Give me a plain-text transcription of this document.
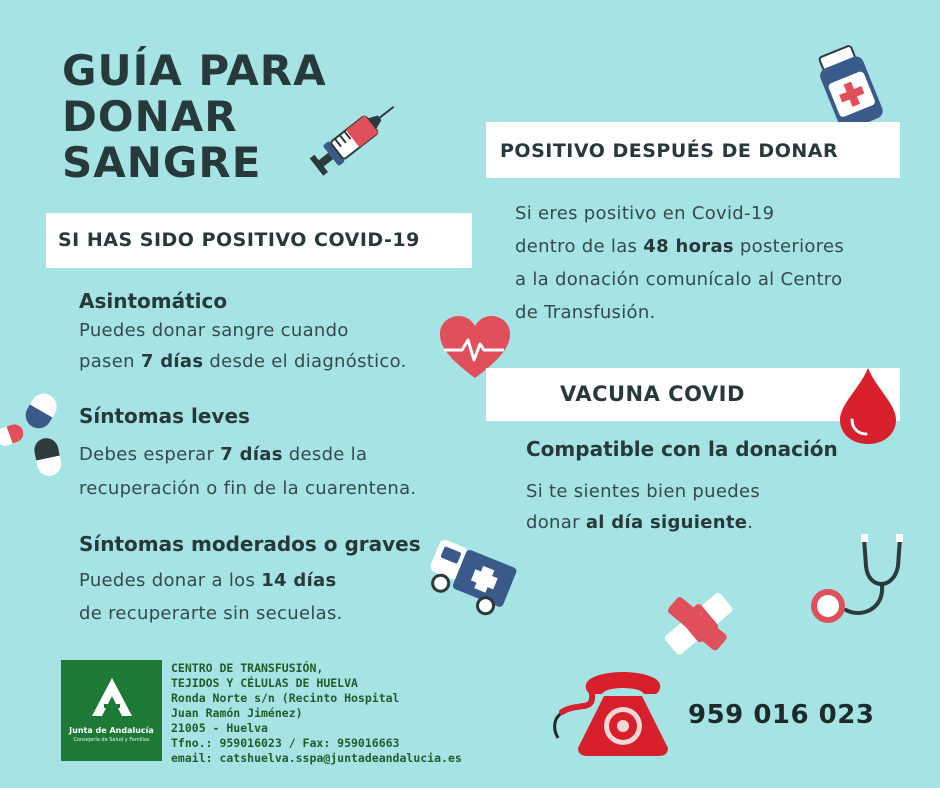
GUÍA PARA
DONAR
SANGRE
SI HAS SIDO POSITIVO COVID-19
Asintomático
Puedes donar sangre cuando
pasen 7 días desde el diagnóstico.
Síntomas leves
Debes esperar 7 días desde la
recuperación o fin de la cuarentena.
Síntomas moderados o graves
Puedes donar a los 14 días
de recuperarte sin secuelas.
POSITIVO DESPUÉS DE DONAR
Si eres positivo en Covid-19
dentro de las 48 horas posteriores
a la donación comunícalo al Centro
de Transfusión.
VACUNA COVID
Compatible con la donación
Si te sientes bien puedes
donar al día siguiente.
Junta de Andalucía
Consejería de Salud y Familias
CENTRO DE TRANSFUSIÓN,
TEJIDOS Y CÉLULAS DE HUELVA
Ronda Norte s/n (Recinto Hospital
Juan Ramón Jiménez)
21005 - Huelva
Tfno.: 959016023 / Fax: 959016663
email: catshuelva.sspa@juntadeandalucia.es
959 016 023
